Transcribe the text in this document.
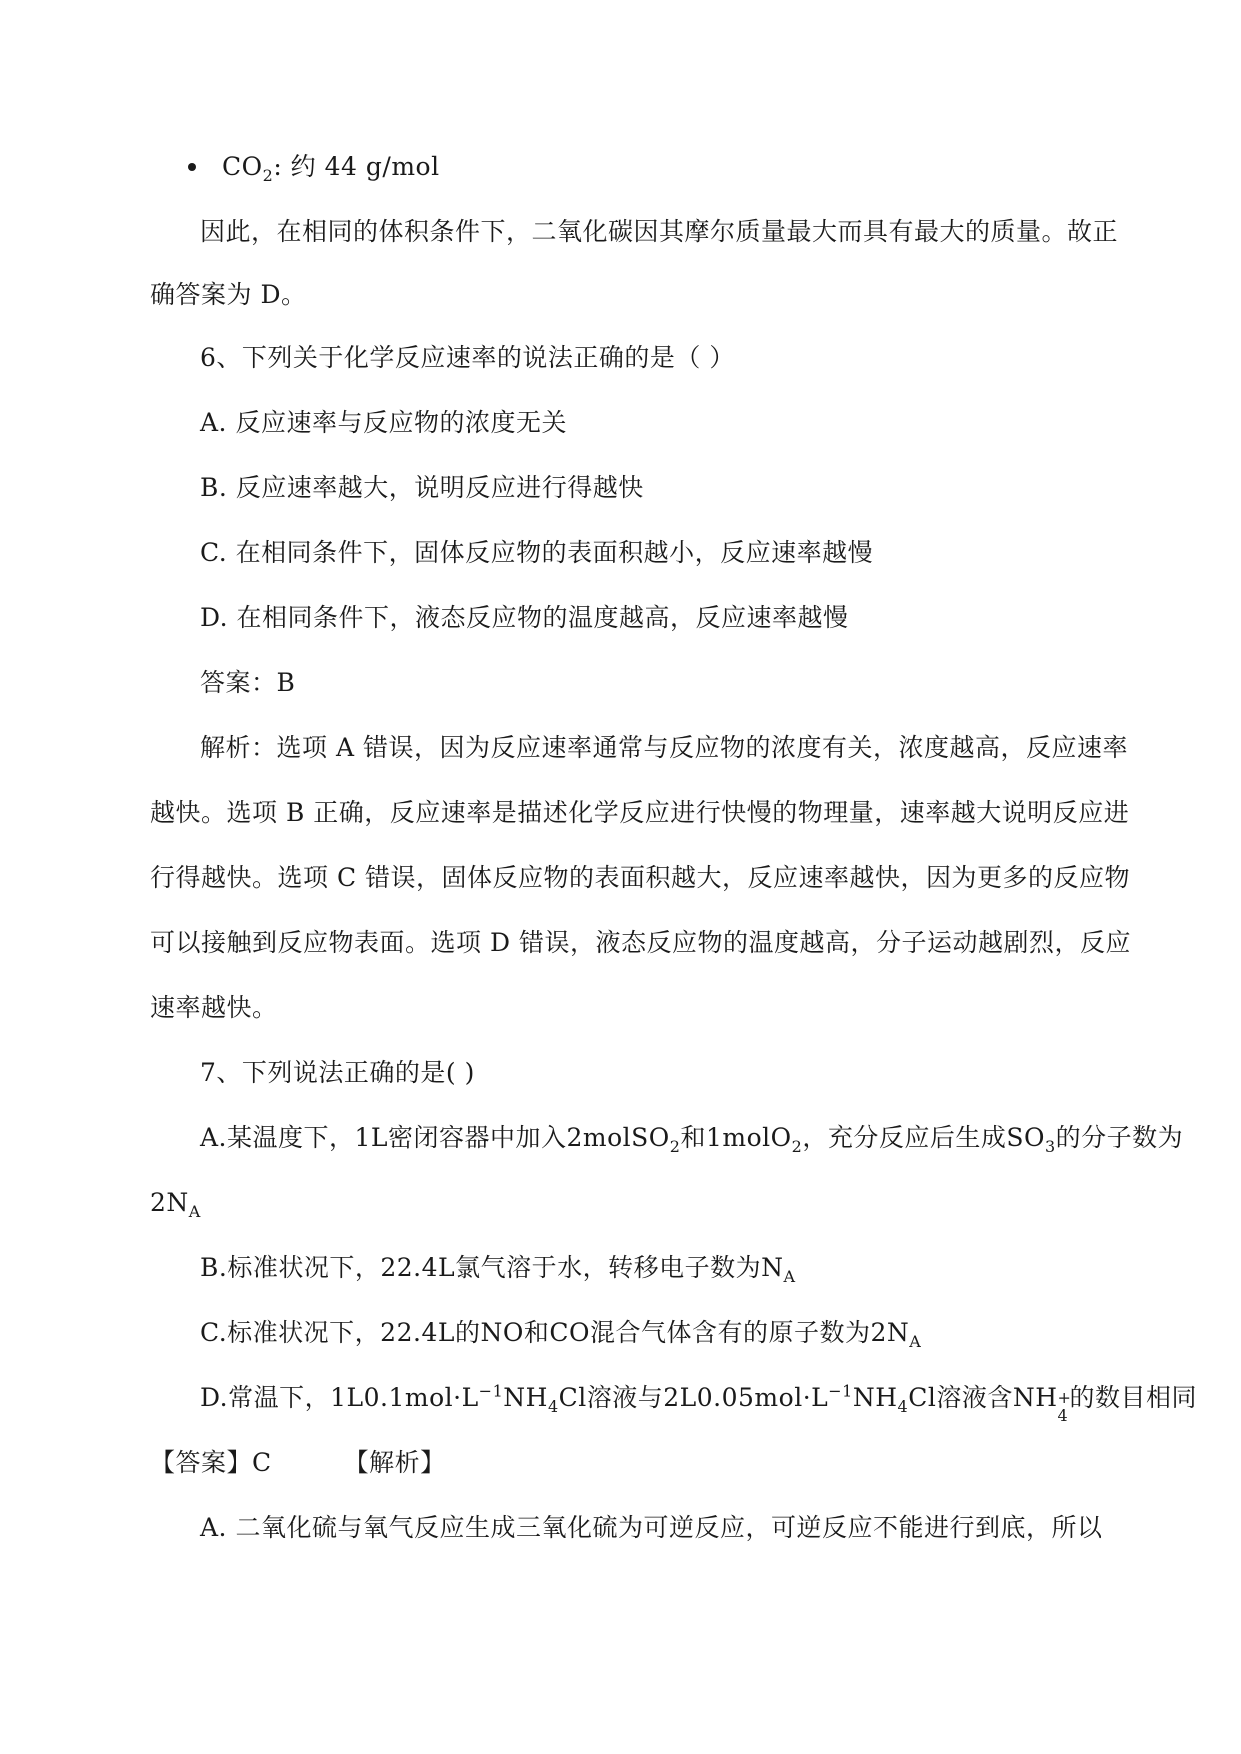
$CO_2$: 约 44 g/mol
因此，在相同的体积条件下，二氧化碳因其摩尔质量最大而具有最大的质量。故正
确答案为 D。
6、下列关于化学反应速率的说法正确的是（ ）
A. 反应速率与反应物的浓度无关
B. 反应速率越大，说明反应进行得越快
C. 在相同条件下，固体反应物的表面积越小，反应速率越慢
D. 在相同条件下，液态反应物的温度越高，反应速率越慢
答案：B
解析：选项 A 错误，因为反应速率通常与反应物的浓度有关，浓度越高，反应速率
越快。选项 B 正确，反应速率是描述化学反应进行快慢的物理量，速率越大说明反应进
行得越快。选项 C 错误，固体反应物的表面积越大，反应速率越快，因为更多的反应物
可以接触到反应物表面。选项 D 错误，液态反应物的温度越高，分子运动越剧烈，反应
速率越快。
7、下列说法正确的是( )
A.某温度下，1L密闭容器中加入2molSO$_2$和1molO$_2$，充分反应后生成$SO_3$的分子数为
$2N_A$
B.标准状况下，22.4L氯气溶于水，转移电子数为$N_A$
C.标准状况下，22.4L的NO和CO混合气体含有的原子数为$2N_A$
D.常温下，$1L0.1mol\cdot L^{-1}NH_4Cl$溶液与$2L0.05mol\cdot L^{-1}NH_4Cl$溶液含NH +
4
的数目相同
【答案】C	【解析】
A. 二氧化硫与氧气反应生成三氧化硫为可逆反应，可逆反应不能进行到底，所以
